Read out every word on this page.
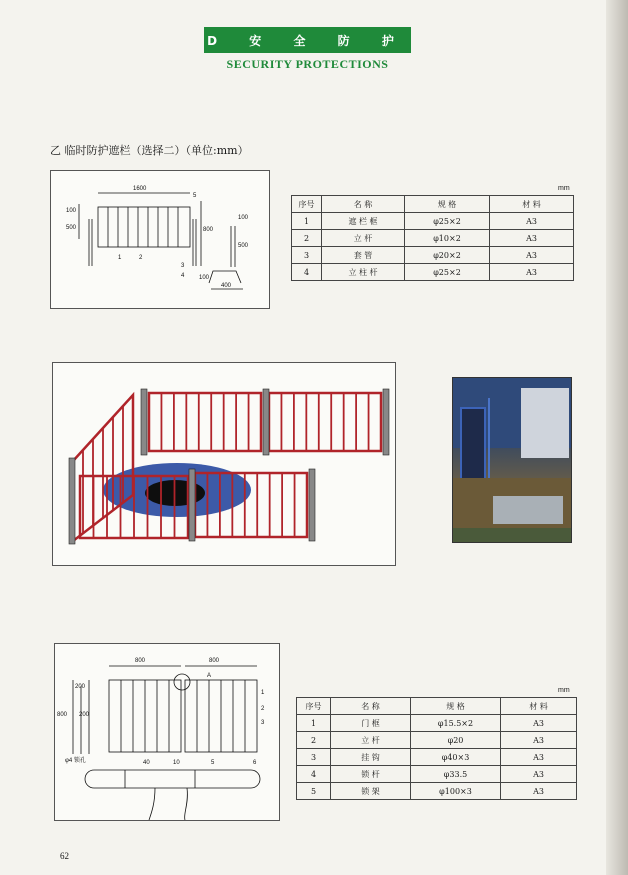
D 安 全 防 护
SECURITY PROTECTIONS
乙 临时防护遮栏（选择二）（单位:mm）
1600
5
100
500	800
100
500
1	2
3
4 100
400
mm
序号	名 称	规 格	材 料
1	遮 栏 框	φ25×2	A3
2	立 杆	φ10×2	A3
3	套 管	φ20×2	A3
4	立 柱 杆	φ25×2	A3
800	800
A
200
800 200
1
2
3
φ4 锁孔	40	10	5	6
mm
序号	名 称	规 格	材 料
1	门 框	φ15.5×2	A3
2	立 杆	φ20	A3
3	挂 钩	φ40×3	A3
4	锁 杆	φ33.5	A3
5	锁 架	φ100×3	A3
62
